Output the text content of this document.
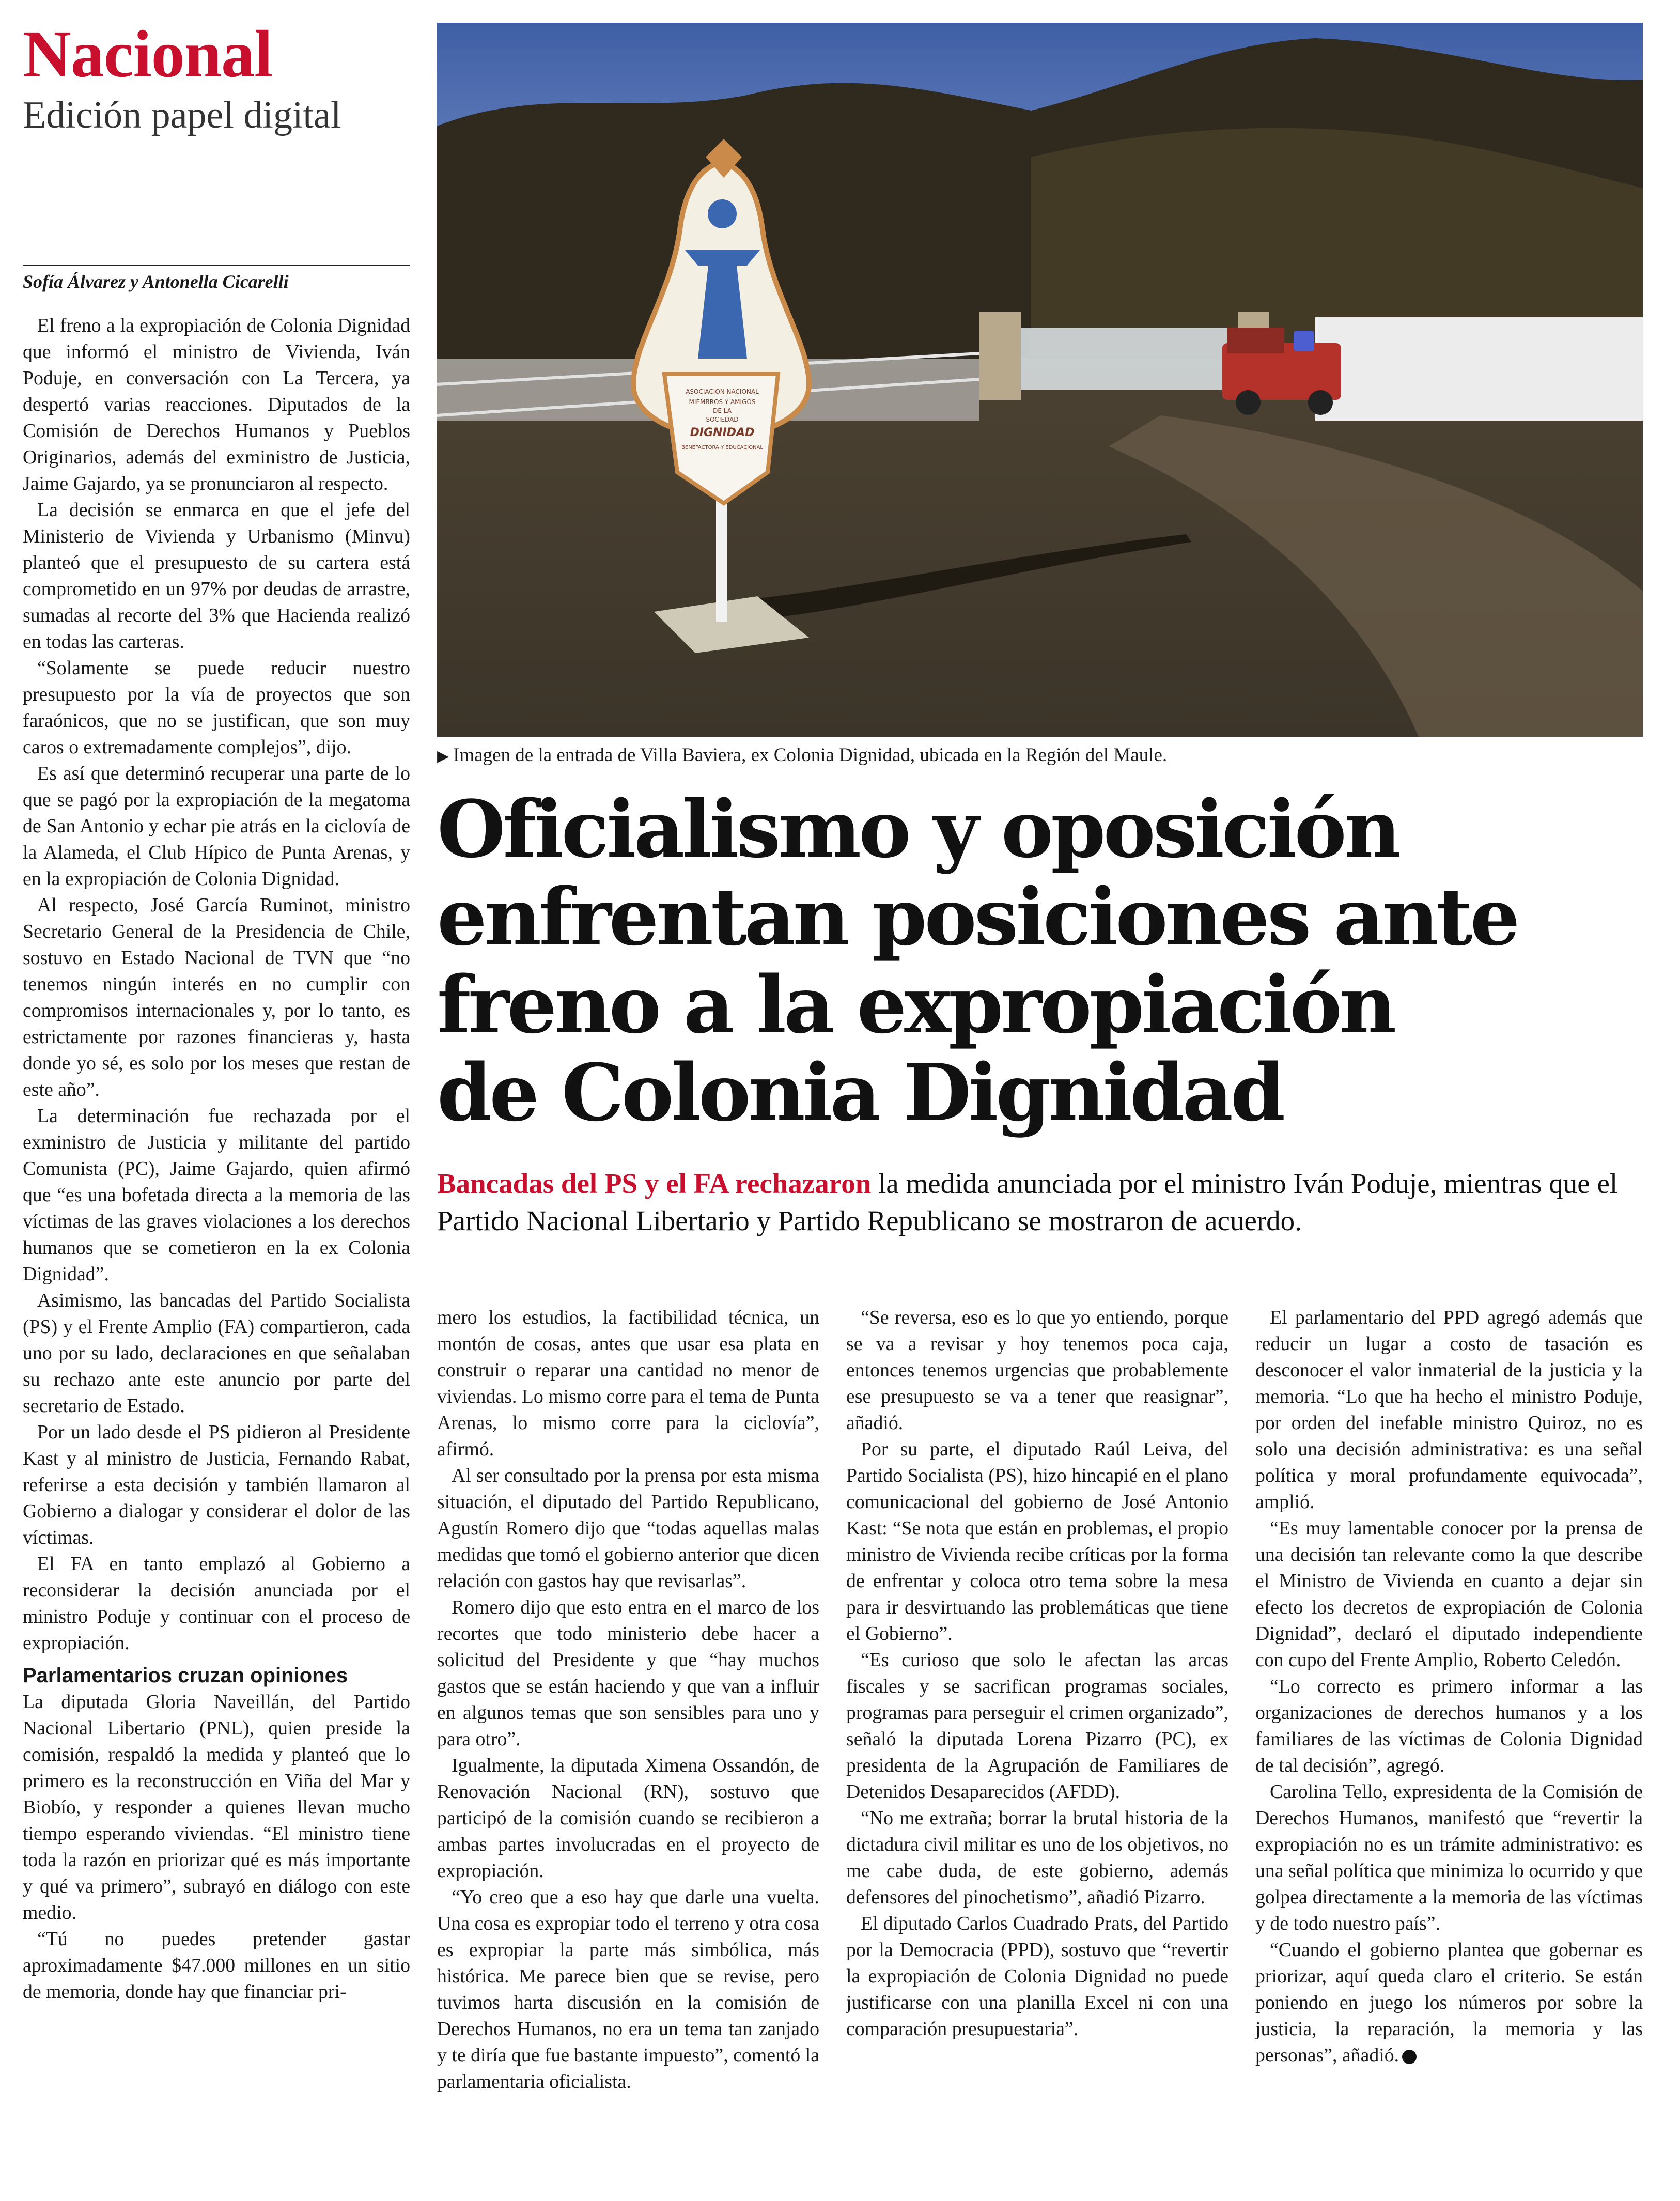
Nacional
Edición papel digital
Sofía Álvarez y Antonella Cicarelli

El freno a la expropiación de Colonia Dignidad que informó el ministro de Vivienda, Iván Poduje, en conversación con La Tercera, ya despertó varias reacciones. Diputados de la Comisión de Derechos Humanos y Pueblos Originarios, además del exministro de Justicia, Jaime Gajardo, ya se pronunciaron al respecto.

La decisión se enmarca en que el jefe del Ministerio de Vivienda y Urbanismo (Minvu) planteó que el presupuesto de su cartera está comprometido en un 97% por deudas de arrastre, sumadas al recorte del 3% que Hacienda realizó en todas las carteras.

“Solamente se puede reducir nuestro presupuesto por la vía de proyectos que son faraónicos, que no se justifican, que son muy caros o extremadamente complejos”, dijo.

Es así que determinó recuperar una parte de lo que se pagó por la expropiación de la megatoma de San Antonio y echar pie atrás en la ciclovía de la Alameda, el Club Hípico de Punta Arenas, y en la expropiación de Colonia Dignidad.

Al respecto, José García Ruminot, ministro Secretario General de la Presidencia de Chile, sostuvo en Estado Nacional de TVN que “no tenemos ningún interés en no cumplir con compromisos internacionales y, por lo tanto, es estrictamente por razones financieras y, hasta donde yo sé, es solo por los meses que restan de este año”.

La determinación fue rechazada por el exministro de Justicia y militante del partido Comunista (PC), Jaime Gajardo, quien afirmó que “es una bofetada directa a la memoria de las víctimas de las graves violaciones a los derechos humanos que se cometieron en la ex Colonia Dignidad”.

Asimismo, las bancadas del Partido Socialista (PS) y el Frente Amplio (FA) compartieron, cada uno por su lado, declaraciones en que señalaban su rechazo ante este anuncio por parte del secretario de Estado.

Por un lado desde el PS pidieron al Presidente Kast y al ministro de Justicia, Fernando Rabat, referirse a esta decisión y también llamaron al Gobierno a dialogar y considerar el dolor de las víctimas.

El FA en tanto emplazó al Gobierno a reconsiderar la decisión anunciada por el ministro Poduje y continuar con el proceso de expropiación.

Parlamentarios cruzan opiniones

La diputada Gloria Naveillán, del Partido Nacional Libertario (PNL), quien preside la comisión, respaldó la medida y planteó que lo primero es la reconstrucción en Viña del Mar y Biobío, y responder a quienes llevan mucho tiempo esperando viviendas. “El ministro tiene toda la razón en priorizar qué es más importante y qué va primero”, subrayó en diálogo con este medio.

“Tú no puedes pretender gastar aproximadamente $47.000 millones en un sitio de memoria, donde hay que financiar pri-

ASOCIACION NACIONAL
MIEMBROS Y AMIGOS
DE LA
SOCIEDAD
DIGNIDAD
BENEFACTORA Y EDUCACIONAL
▶ Imagen de la entrada de Villa Baviera, ex Colonia Dignidad, ubicada en la Región del Maule.
Oficialismo y oposición
enfrentan posiciones ante
freno a la expropiación
de Colonia Dignidad
Bancadas del PS y el FA rechazaron la medida anunciada por el ministro Iván Poduje, mientras que el Partido Nacional Libertario y Partido Republicano se mostraron de acuerdo.

mero los estudios, la factibilidad técnica, un montón de cosas, antes que usar esa plata en construir o reparar una cantidad no menor de viviendas. Lo mismo corre para el tema de Punta Arenas, lo mismo corre para la ciclovía”, afirmó.

Al ser consultado por la prensa por esta misma situación, el diputado del Partido Republicano, Agustín Romero dijo que “todas aquellas malas medidas que tomó el gobierno anterior que dicen relación con gastos hay que revisarlas”.

Romero dijo que esto entra en el marco de los recortes que todo ministerio debe hacer a solicitud del Presidente y que “hay muchos gastos que se están haciendo y que van a influir en algunos temas que son sensibles para uno y para otro”.

Igualmente, la diputada Ximena Ossandón, de Renovación Nacional (RN), sostuvo que participó de la comisión cuando se recibieron a ambas partes involucradas en el proyecto de expropiación.

“Yo creo que a eso hay que darle una vuelta. Una cosa es expropiar todo el terreno y otra cosa es expropiar la parte más simbólica, más histórica. Me parece bien que se revise, pero tuvimos harta discusión en la comisión de Derechos Humanos, no era un tema tan zanjado y te diría que fue bastante impuesto”, comentó la parlamentaria oficialista.

“Se reversa, eso es lo que yo entiendo, porque se va a revisar y hoy tenemos poca caja, entonces tenemos urgencias que probablemente ese presupuesto se va a tener que reasignar”, añadió.

Por su parte, el diputado Raúl Leiva, del Partido Socialista (PS), hizo hincapié en el plano comunicacional del gobierno de José Antonio Kast: “Se nota que están en problemas, el propio ministro de Vivienda recibe críticas por la forma de enfrentar y coloca otro tema sobre la mesa para ir desvirtuando las problemáticas que tiene el Gobierno”.

“Es curioso que solo le afectan las arcas fiscales y se sacrifican programas sociales, programas para perseguir el crimen organizado”, señaló la diputada Lorena Pizarro (PC), ex presidenta de la Agrupación de Familiares de Detenidos Desaparecidos (AFDD).

“No me extraña; borrar la brutal historia de la dictadura civil militar es uno de los objetivos, no me cabe duda, de este gobierno, además defensores del pinochetismo”, añadió Pizarro.

El diputado Carlos Cuadrado Prats, del Partido por la Democracia (PPD), sostuvo que “revertir la expropiación de Colonia Dignidad no puede justificarse con una planilla Excel ni con una comparación presupuestaria”.

El parlamentario del PPD agregó además que reducir un lugar a costo de tasación es desconocer el valor inmaterial de la justicia y la memoria. “Lo que ha hecho el ministro Poduje, por orden del inefable ministro Quiroz, no es solo una decisión administrativa: es una señal política y moral profundamente equivocada”, amplió.

“Es muy lamentable conocer por la prensa de una decisión tan relevante como la que describe el Ministro de Vivienda en cuanto a dejar sin efecto los decretos de expropiación de Colonia Dignidad”, declaró el diputado independiente con cupo del Frente Amplio, Roberto Celedón.

“Lo correcto es primero informar a las organizaciones de derechos humanos y a los familiares de las víctimas de Colonia Dignidad de tal decisión”, agregó.

Carolina Tello, expresidenta de la Comisión de Derechos Humanos, manifestó que “revertir la expropiación no es un trámite administrativo: es una señal política que minimiza lo ocurrido y que golpea directamente a la memoria de las víctimas y de todo nuestro país”.

“Cuando el gobierno plantea que gobernar es priorizar, aquí queda claro el criterio. Se están poniendo en juego los números por sobre la justicia, la reparación, la memoria y las personas”, añadió.
